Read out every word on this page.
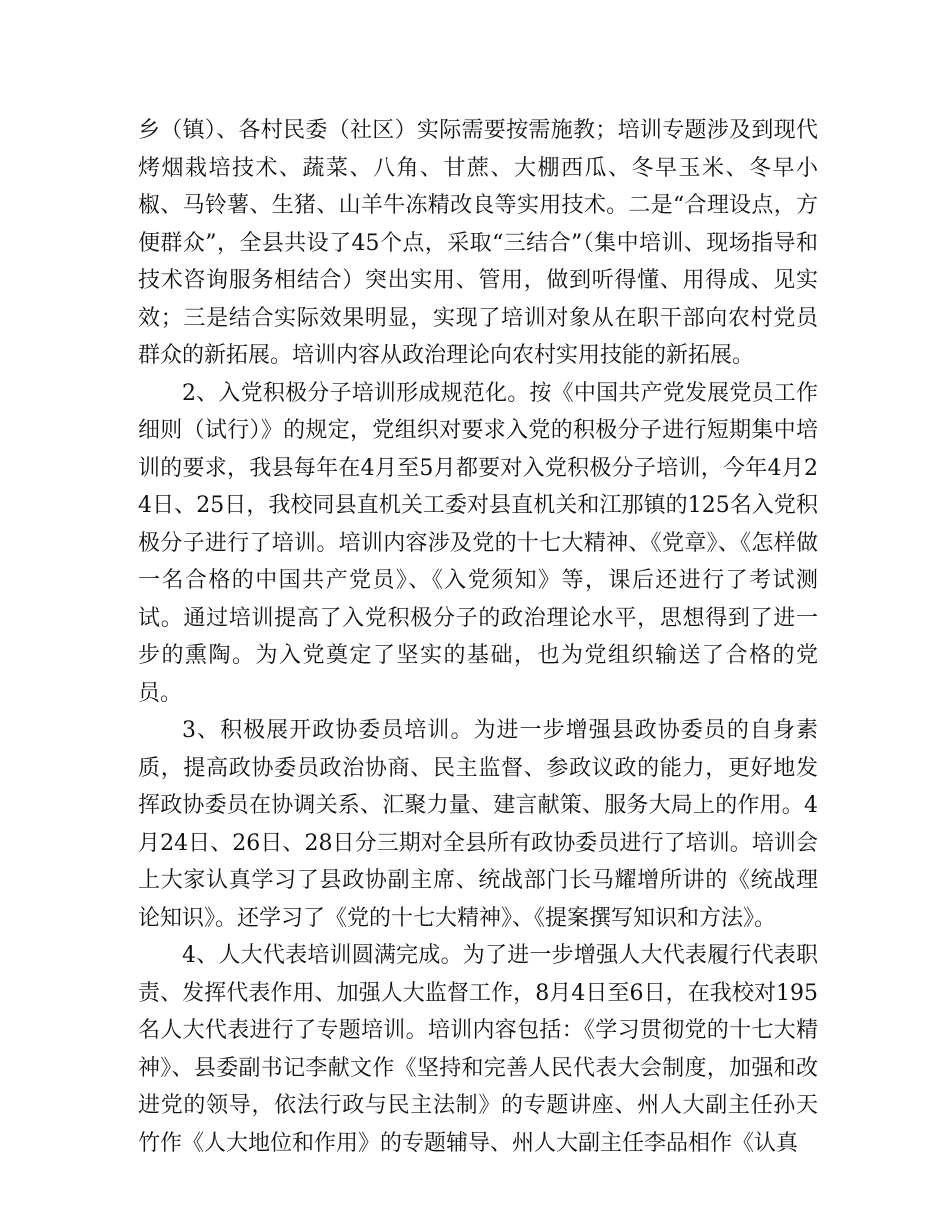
乡（镇）、各村民委（社区）实际需要按需施教；培训专题涉及到现代烤烟栽培技术、蔬菜、八角、甘蔗、大棚西瓜、冬早玉米、冬早小椒、马铃薯、生猪、山羊牛冻精改良等实用技术。二是“合理设点，方便群众”，全县共设了45个点，采取“三结合”（集中培训、现场指导和技术咨询服务相结合）突出实用、管用，做到听得懂、用得成、见实效；三是结合实际效果明显，实现了培训对象从在职干部向农村党员群众的新拓展。培训内容从政治理论向农村实用技能的新拓展。

2、入党积极分子培训形成规范化。按《中国共产党发展党员工作细则（试行）》的规定，党组织对要求入党的积极分子进行短期集中培训的要求，我县每年在4月至5月都要对入党积极分子培训，今年4月24日、25日，我校同县直机关工委对县直机关和江那镇的125名入党积极分子进行了培训。培训内容涉及党的十七大精神、《党章》、《怎样做一名合格的中国共产党员》、《入党须知》等，课后还进行了考试测试。通过培训提高了入党积极分子的政治理论水平，思想得到了进一步的熏陶。为入党奠定了坚实的基础，也为党组织输送了合格的党员。

3、积极展开政协委员培训。为进一步增强县政协委员的自身素质，提高政协委员政治协商、民主监督、参政议政的能力，更好地发挥政协委员在协调关系、汇聚力量、建言献策、服务大局上的作用。4月24日、26日、28日分三期对全县所有政协委员进行了培训。培训会上大家认真学习了县政协副主席、统战部门长马耀增所讲的《统战理论知识》。还学习了《党的十七大精神》、《提案撰写知识和方法》。

4、人大代表培训圆满完成。为了进一步增强人大代表履行代表职责、发挥代表作用、加强人大监督工作，8月4日至6日，在我校对195名人大代表进行了专题培训。培训内容包括：《学习贯彻党的十七大精神》、县委副书记李献文作《坚持和完善人民代表大会制度，加强和改进党的领导，依法行政与民主法制》的专题讲座、州人大副主任孙天竹作《人大地位和作用》的专题辅导、州人大副主任李品相作《认真
